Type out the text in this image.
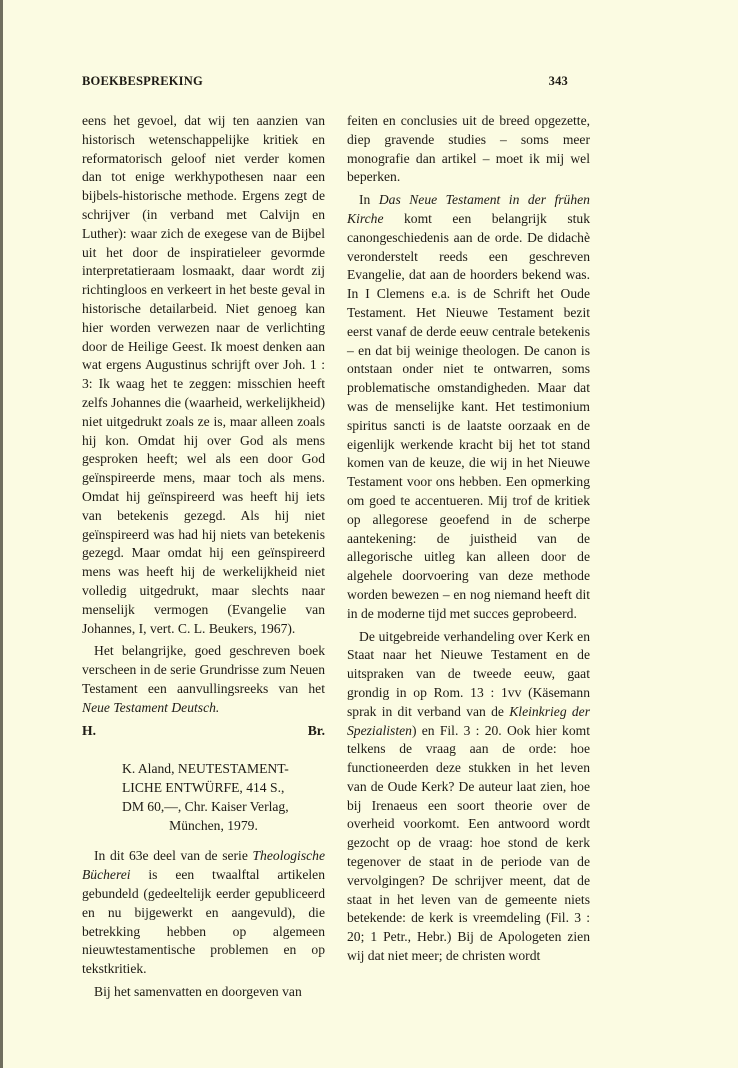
BOEKBESPREKING	343

eens het gevoel, dat wij ten aanzien van historisch wetenschappelijke kritiek en reformatorisch geloof niet verder komen dan tot enige werkhypothesen naar een bijbels-historische methode. Ergens zegt de schrijver (in verband met Calvijn en Luther): waar zich de exegese van de Bijbel uit het door de inspiratieleer gevormde interpretatieraam losmaakt, daar wordt zij richtingloos en verkeert in het beste geval in historische detailarbeid. Niet genoeg kan hier worden verwezen naar de verlichting door de Heilige Geest. Ik moest denken aan wat ergens Augustinus schrijft over Joh. 1 : 3: Ik waag het te zeggen: misschien heeft zelfs Johannes die (waarheid, werkelijkheid) niet uitgedrukt zoals ze is, maar alleen zoals hij kon. Omdat hij over God als mens gesproken heeft; wel als een door God geïnspireerde mens, maar toch als mens. Omdat hij geïnspireerd was heeft hij iets van betekenis gezegd. Als hij niet geïnspireerd was had hij niets van betekenis gezegd. Maar omdat hij een geïnspireerd mens was heeft hij de werkelijkheid niet volledig uitgedrukt, maar slechts naar menselijk vermogen (Evangelie van Johannes, I, vert. C. L. Beukers, 1967).

Het belangrijke, goed geschreven boek verscheen in de serie Grundrisse zum Neuen Testament een aanvullingsreeks van het Neue Testament Deutsch.

H.	Br.
K. Aland, NEUTESTAMENT-
LICHE ENTWÜRFE, 414 S.,
DM 60,—, Chr. Kaiser Verlag,
München, 1979.

In dit 63e deel van de serie Theologische Bücherei is een twaalftal artikelen gebundeld (gedeeltelijk eerder gepubliceerd en nu bijgewerkt en aangevuld), die betrekking hebben op algemeen nieuwtestamentische problemen en op tekstkritiek.

Bij het samenvatten en doorgeven van

feiten en conclusies uit de breed opgezette, diep gravende studies – soms meer monografie dan artikel – moet ik mij wel beperken.

In Das Neue Testament in der frühen Kirche komt een belangrijk stuk canongeschiedenis aan de orde. De didachè veronderstelt reeds een geschreven Evangelie, dat aan de hoorders bekend was. In I Clemens e.a. is de Schrift het Oude Testament. Het Nieuwe Testament bezit eerst vanaf de derde eeuw centrale betekenis – en dat bij weinige theologen. De canon is ontstaan onder niet te ontwarren, soms problematische omstandigheden. Maar dat was de menselijke kant. Het testimonium spiritus sancti is de laatste oorzaak en de eigenlijk werkende kracht bij het tot stand komen van de keuze, die wij in het Nieuwe Testament voor ons hebben. Een opmerking om goed te accentueren. Mij trof de kritiek op allegorese geoefend in de scherpe aantekening: de juistheid van de allegorische uitleg kan alleen door de algehele doorvoering van deze methode worden bewezen – en nog niemand heeft dit in de moderne tijd met succes geprobeerd.

De uitgebreide verhandeling over Kerk en Staat naar het Nieuwe Testament en de uitspraken van de tweede eeuw, gaat grondig in op Rom. 13 : 1vv (Käsemann sprak in dit verband van de Kleinkrieg der Spezialisten) en Fil. 3 : 20. Ook hier komt telkens de vraag aan de orde: hoe functioneerden deze stukken in het leven van de Oude Kerk? De auteur laat zien, hoe bij Irenaeus een soort theorie over de overheid voorkomt. Een antwoord wordt gezocht op de vraag: hoe stond de kerk tegenover de staat in de periode van de vervolgingen? De schrijver meent, dat de staat in het leven van de gemeente niets betekende: de kerk is vreemdeling (Fil. 3 : 20; 1 Petr., Hebr.) Bij de Apologeten zien wij dat niet meer; de christen wordt
